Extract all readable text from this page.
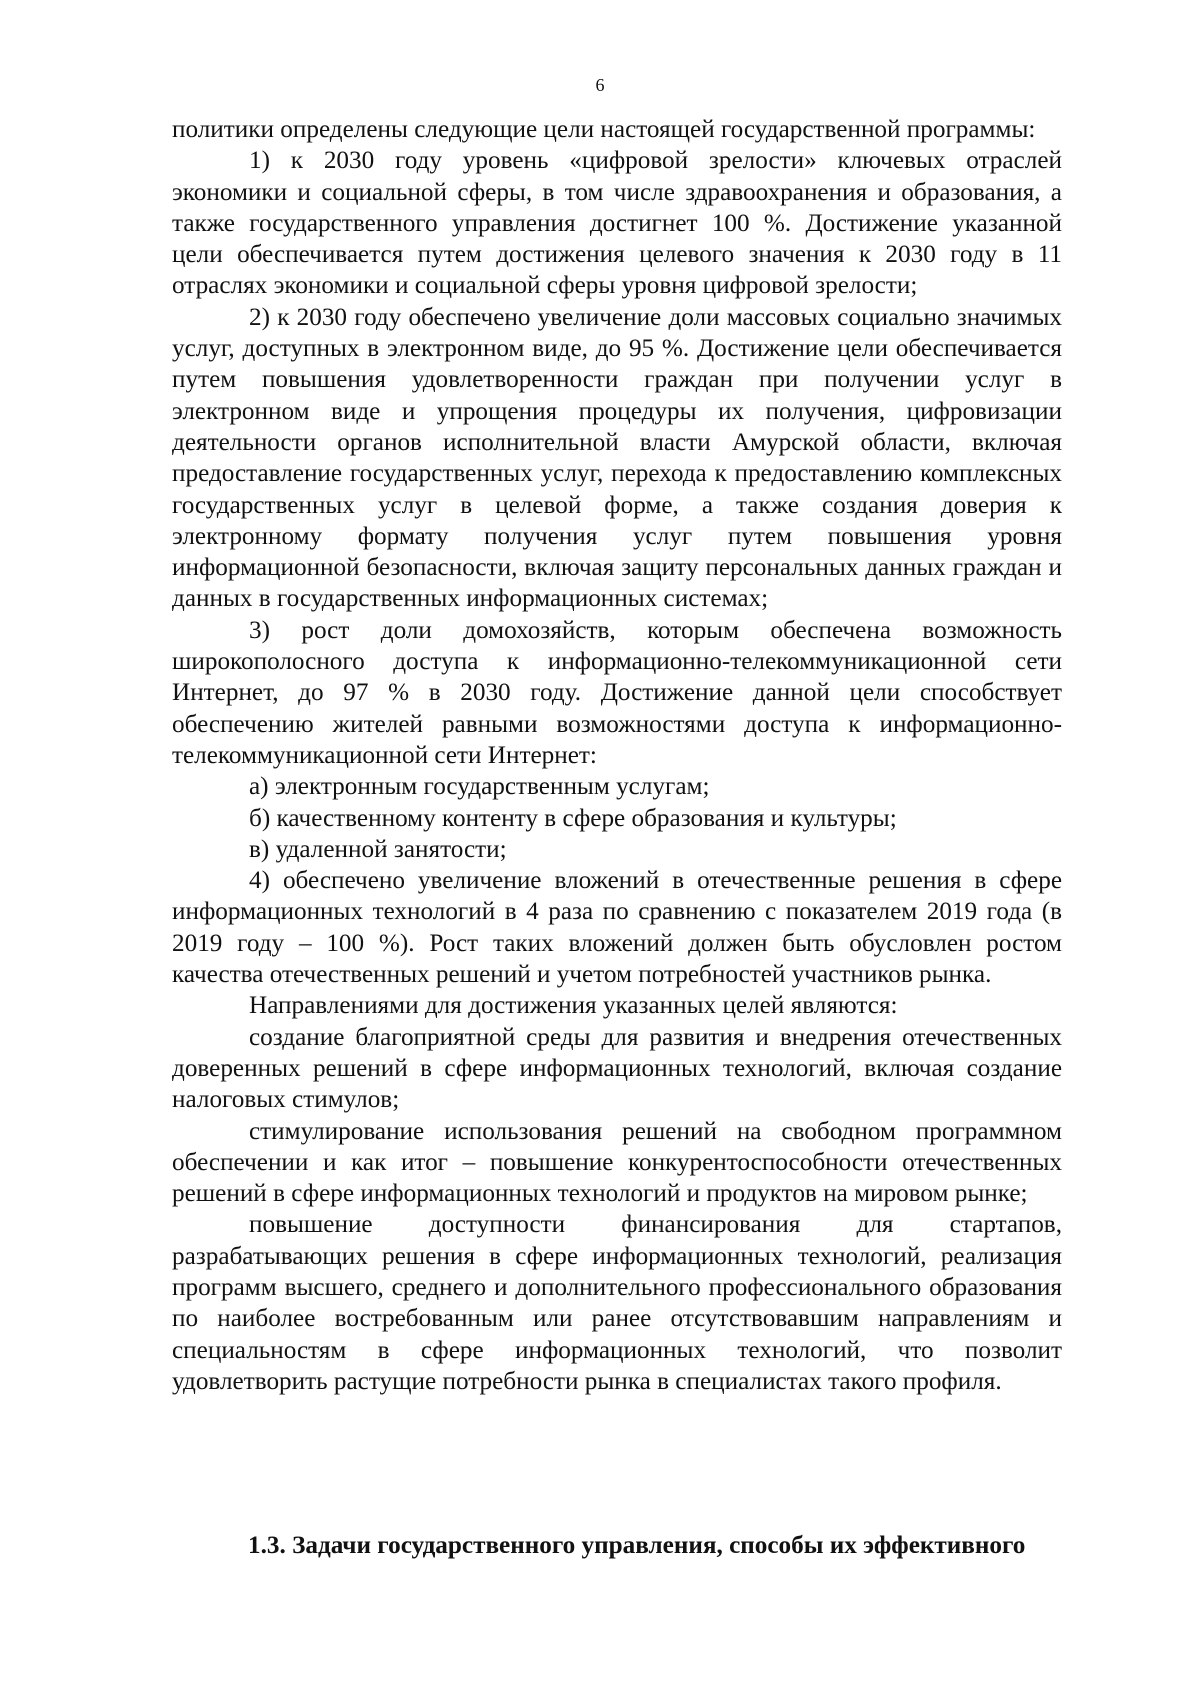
6

политики определены следующие цели настоящей государственной программы:

1) к 2030 году уровень «цифровой зрелости» ключевых отраслей экономики и социальной сферы, в том числе здравоохранения и образования, а также государственного управления достигнет 100 %. Достижение указанной цели обеспечивается путем достижения целевого значения к 2030 году в 11 отраслях экономики и социальной сферы уровня цифровой зрелости;

2) к 2030 году обеспечено увеличение доли массовых социально значимых услуг, доступных в электронном виде, до 95 %. Достижение цели обеспечивается путем повышения удовлетворенности граждан при получении услуг в электронном виде и упрощения процедуры их получения, цифровизации деятельности органов исполнительной власти Амурской области, включая предоставление государственных услуг, перехода к предоставлению комплексных государственных услуг в целевой форме, а также создания доверия к электронному формату получения услуг путем повышения уровня информационной безопасности, включая защиту персональных данных граждан и данных в государственных информационных системах;

3) рост доли домохозяйств, которым обеспечена возможность широкополосного доступа к информационно-телекоммуникационной сети Интернет, до 97 % в 2030 году. Достижение данной цели способствует обеспечению жителей равными возможностями доступа к информационно-телекоммуникационной сети Интернет:

а) электронным государственным услугам;

б) качественному контенту в сфере образования и культуры;

в) удаленной занятости;

4) обеспечено увеличение вложений в отечественные решения в сфере информационных технологий в 4 раза по сравнению с показателем 2019 года (в 2019 году – 100 %). Рост таких вложений должен быть обусловлен ростом качества отечественных решений и учетом потребностей участников рынка.

Направлениями для достижения указанных целей являются:

создание благоприятной среды для развития и внедрения отечественных доверенных решений в сфере информационных технологий, включая создание налоговых стимулов;

стимулирование использования решений на свободном программном обеспечении и как итог – повышение конкурентоспособности отечественных решений в сфере информационных технологий и продуктов на мировом рынке;

повышение доступности финансирования для стартапов, разрабатывающих решения в сфере информационных технологий, реализация программ высшего, среднего и дополнительного профессионального образования по наиболее востребованным или ранее отсутствовавшим направлениям и специальностям в сфере информационных технологий, что позволит удовлетворить растущие потребности рынка в специалистах такого профиля.

1.3. Задачи государственного управления, способы их эффективного
